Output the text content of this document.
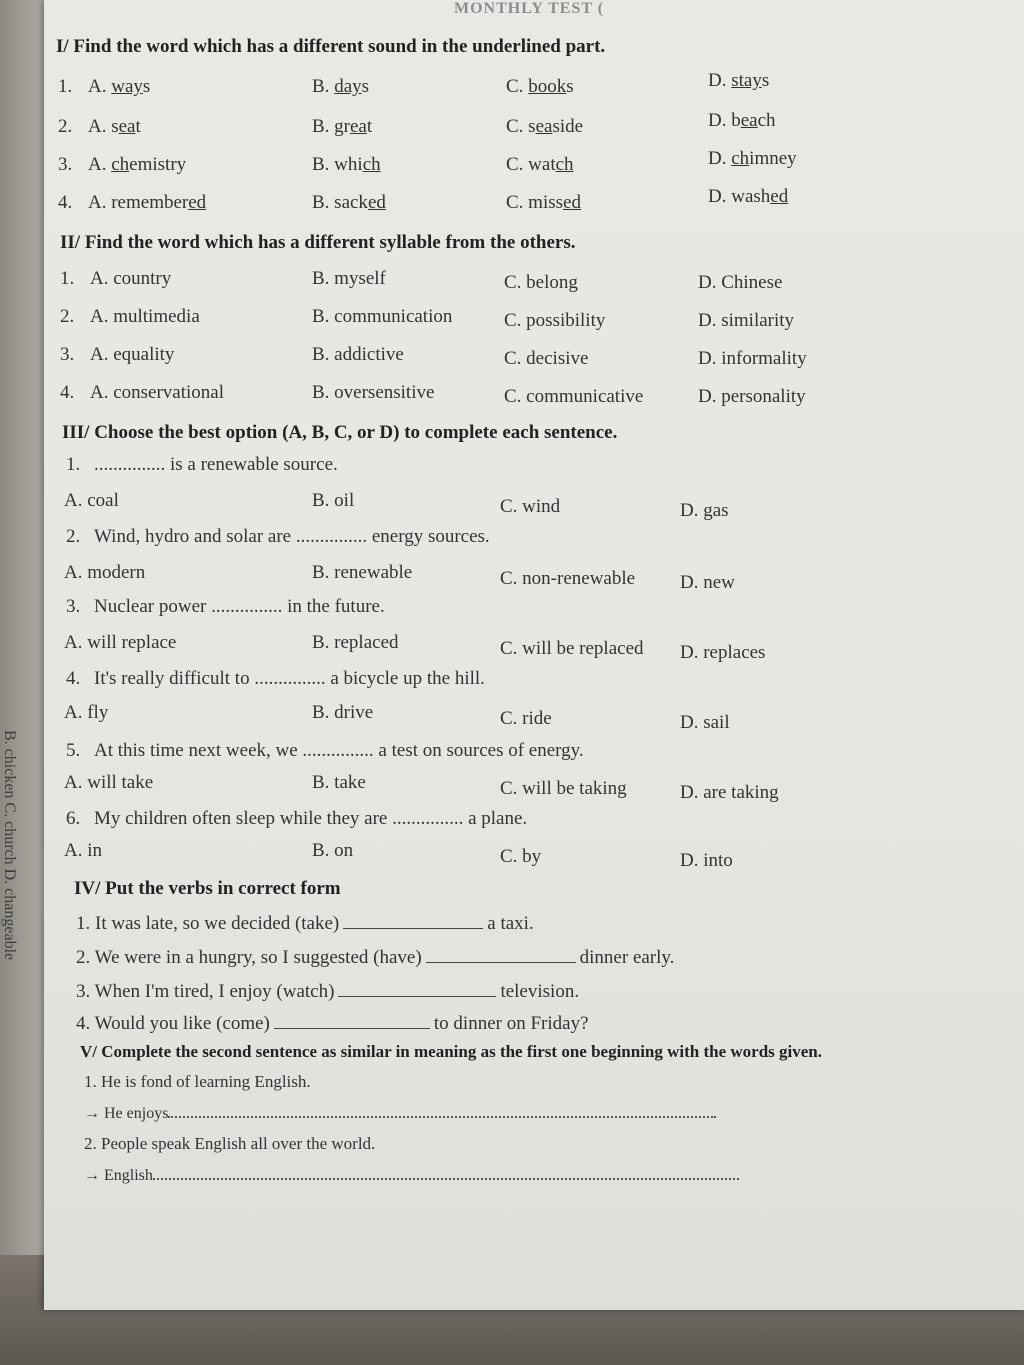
MONTHLY TEST (
I/ Find the word which has a different sound in the underlined part.
1. A. ways	B. days	C. books	D. stays
2. A. seat	B. great	C. seaside	D. beach
3. A. chemistry	B. which	C. watch	D. chimney
4. A. remembered	B. sacked	C. missed	D. washed
II/ Find the word which has a different syllable from the others.
1. A. country	B. myself	C. belong	D. Chinese
2. A. multimedia	B. communication	C. possibility	D. similarity
3. A. equality	B. addictive	C. decisive	D. informality
4. A. conservational	B. oversensitive	C. communicative	D. personality
III/ Choose the best option (A, B, C, or D) to complete each sentence.
1. ............... is a renewable source.
A. coal	B. oil	C. wind	D. gas
2. Wind, hydro and solar are ............... energy sources.
A. modern	B. renewable	C. non-renewable D. new
3. Nuclear power ............... in the future.
A. will replace	B. replaced	C. will be replaced D. replaces
4. It's really difficult to ............... a bicycle up the hill.
A. fly	B. drive	C. ride	D. sail
5. At this time next week, we ............... a test on sources of energy.
A. will take	B. take	C. will be taking	D. are taking
6. My children often sleep while they are ............... a plane.
A. in	B. on	C. by	D. into
IV/ Put the verbs in correct form
1. It was late, so we decided (take)	a taxi.
2. We were in a hungry, so I suggested (have)	dinner early.
3. When I'm tired, I enjoy (watch)	television.
4. Would you like (come)	to dinner on Friday?
V/ Complete the second sentence as similar in meaning as the first one beginning with the words given.
1. He is fond of learning English.
→ He enjoys
2. People speak English all over the world.
→ English
B. chicken C. church D. changeable
